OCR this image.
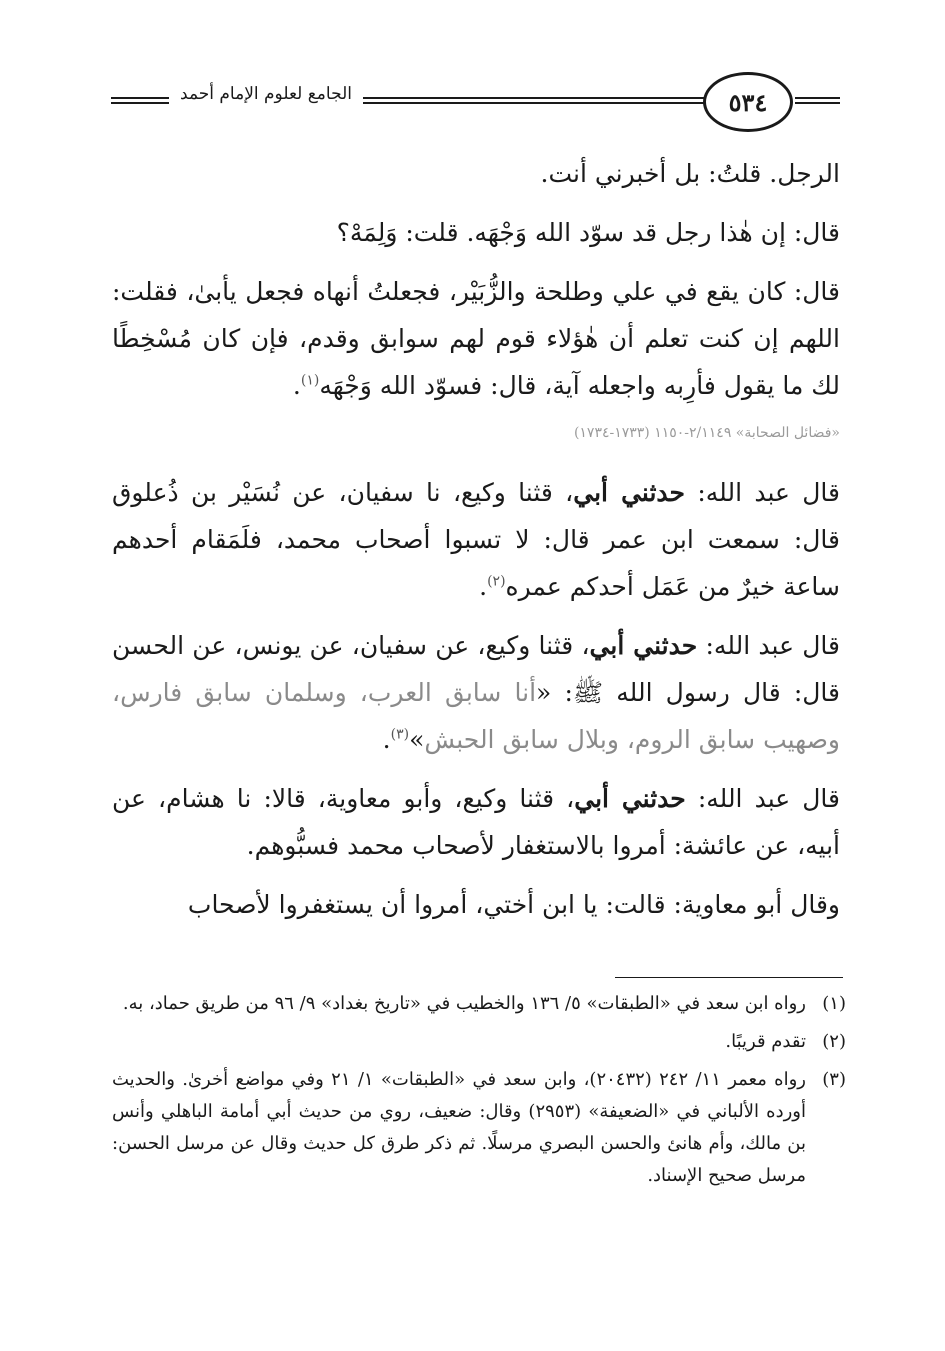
الجامع لعلوم الإمام أحمد	٥٣٤

الرجل. قلتُ: بل أخبرني أنت.

قال: إن هٰذا رجل قد سوّد الله وَجْهَه. قلت: وَلِمَهْ؟

قال: كان يقع في علي وطلحة والزُّبَيْر، فجعلتُ أنهاه فجعل يأبىٰ، فقلت: اللهم إن كنت تعلم أن هٰؤلاء قوم لهم سوابق وقدم، فإن كان مُسْخِطًا لك ما يقول فأرِبه واجعله آية، قال: فسوّد الله وَجْهَه$^{(١)}$.

«فضائل الصحابة» ٢/١١٤٩-١١٥٠ (١٧٣٣-١٧٣٤)

قال عبد الله: حدثني أبي، قثنا وكيع، نا سفيان، عن نُسَيْر بن ذُعلوق قال: سمعت ابن عمر قال: لا تسبوا أصحاب محمد، فلَمَقام أحدهم ساعة خيرٌ من عَمَل أحدكم عمره$^{(٢)}$.

قال عبد الله: حدثني أبي، قثنا وكيع، عن سفيان، عن يونس، عن الحسن قال: قال رسول الله ﷺ: «أنا سابق العرب، وسلمان سابق فارس، وصهيب سابق الروم، وبلال سابق الحبش»$^{(٣)}$.

قال عبد الله: حدثني أبي، قثنا وكيع، وأبو معاوية، قالا: نا هشام، عن أبيه، عن عائشة: أمروا بالاستغفار لأصحاب محمد فسبُّوهم.

وقال أبو معاوية: قالت: يا ابن أختي، أمروا أن يستغفروا لأصحاب

(١)
رواه ابن سعد في «الطبقات» ٥/ ١٣٦ والخطيب في «تاريخ بغداد» ٩/ ٩٦ من طريق حماد، به.
(٢)
تقدم قريبًا.
(٣)
رواه معمر ١١/ ٢٤٢ (٢٠٤٣٢)، وابن سعد في «الطبقات» ١/ ٢١ وفي مواضع أخرىٰ. والحديث أورده الألباني في «الضعيفة» (٢٩٥٣) وقال: ضعيف، روي من حديث أبي أمامة الباهلي وأنس بن مالك، وأم هانئ والحسن البصري مرسلًا. ثم ذكر طرق كل حديث وقال عن مرسل الحسن: مرسل صحيح الإسناد.
